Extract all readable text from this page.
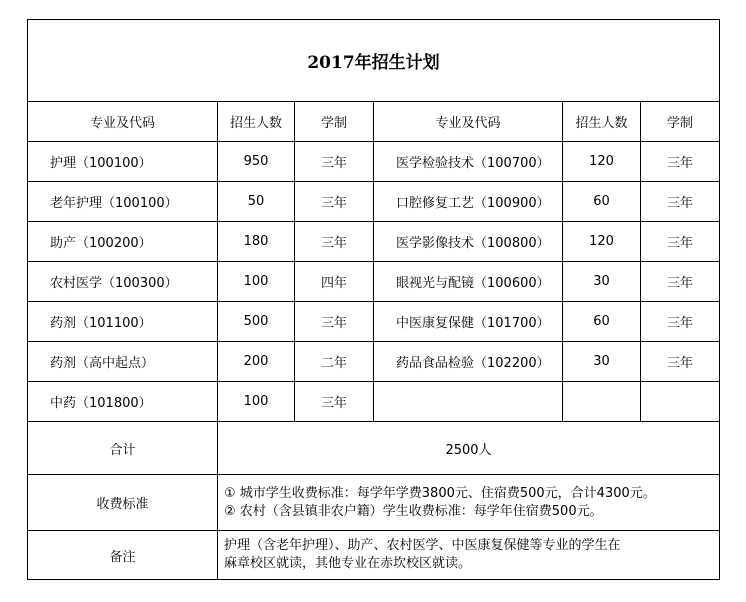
2017年招生计划					
专业及代码	招生人数	学制	专业及代码	招生人数	学制
护理（100100）	950	三年	医学检验技术（100700）	120	三年
老年护理（100100）	50	三年	口腔修复工艺（100900）	60	三年
助产（100200）	180	三年	医学影像技术（100800）	120	三年
农村医学（100300）	100	四年	眼视光与配镜（100600）	30	三年
药剂（101100）	500	三年	中医康复保健（101700）	60	三年
药剂（高中起点）	200	二年	药品食品检验（102200）	30	三年
中药（101800）	100	三年			
合计	2500人				
收费标准	① 城市学生收费标准：每学年学费3800元、住宿费500元，合计4300元。
② 农村（含县镇非农户籍）学生收费标准：每学年住宿费500元。				

备注	护理（含老年护理）、助产、农村医学、中医康复保健等专业的学生在
麻章校区就读，其他专业在赤坎校区就读。				
